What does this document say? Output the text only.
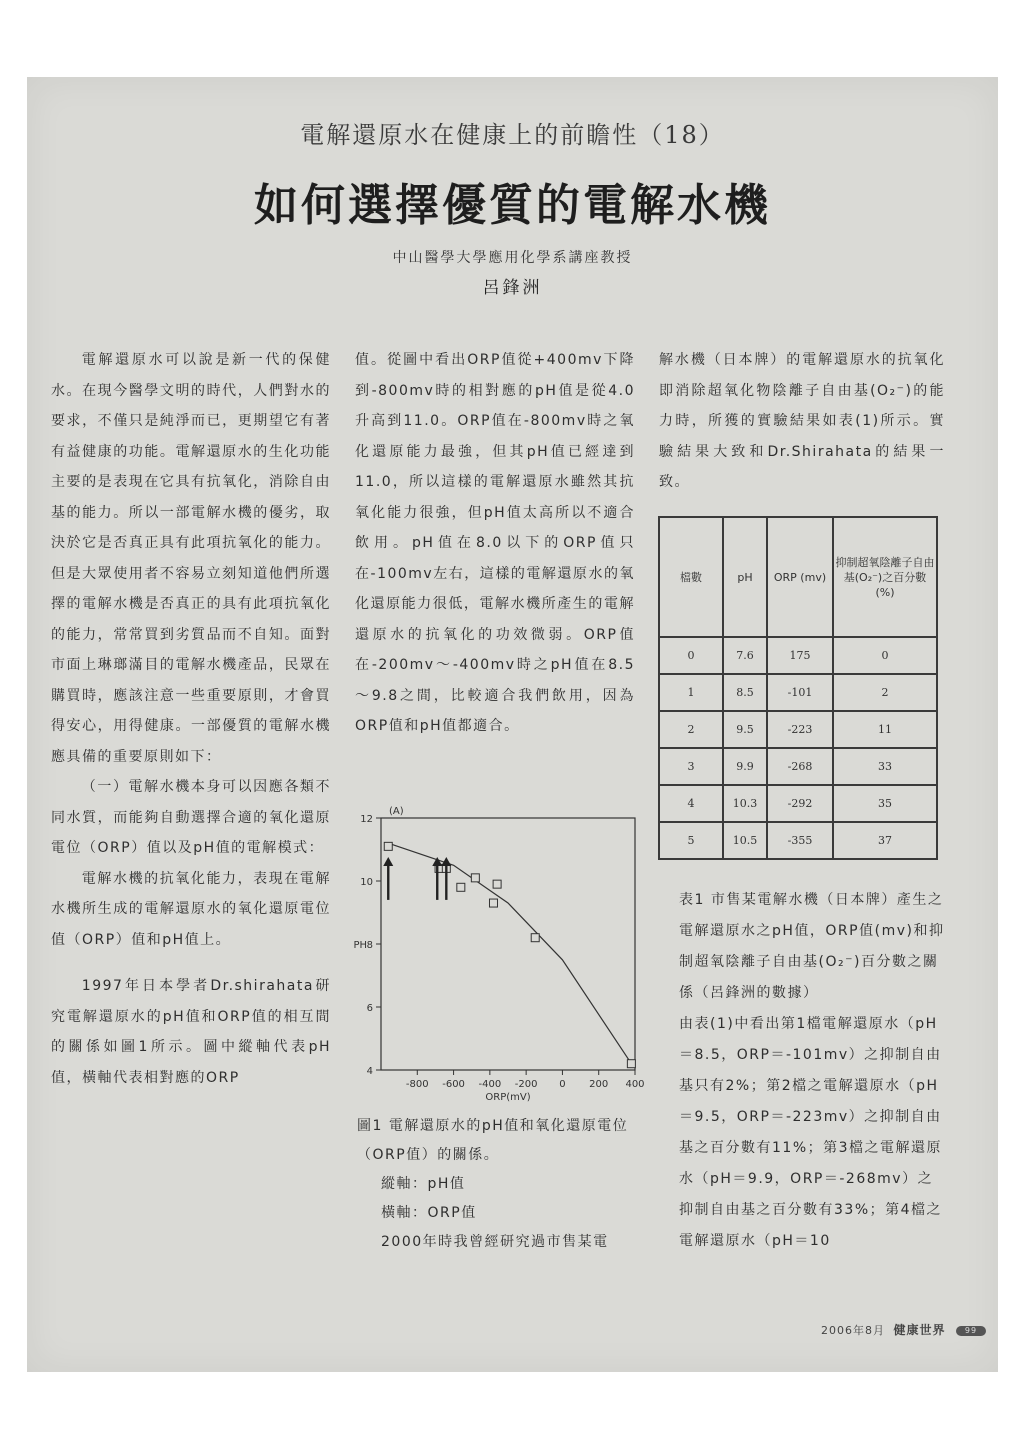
電解還原水在健康上的前瞻性（18）
如何選擇優質的電解水機
中山醫學大學應用化學系講座教授
呂鋒洲

電解還原水可以說是新一代的保健水。在現今醫學文明的時代，人們對水的要求，不僅只是純淨而已，更期望它有著有益健康的功能。電解還原水的生化功能主要的是表現在它具有抗氧化，消除自由基的能力。所以一部電解水機的優劣，取決於它是否真正具有此項抗氧化的能力。但是大眾使用者不容易立刻知道他們所選擇的電解水機是否真正的具有此項抗氧化的能力，常常買到劣質品而不自知。面對市面上琳瑯滿目的電解水機產品，民眾在購買時，應該注意一些重要原則，才會買得安心，用得健康。一部優質的電解水機應具備的重要原則如下：

（一）電解水機本身可以因應各類不同水質，而能夠自動選擇合適的氧化還原電位（ORP）值以及pH值的電解模式：

電解水機的抗氧化能力，表現在電解水機所生成的電解還原水的氧化還原電位值（ORP）值和pH值上。

1997年日本學者Dr.shirahata研究電解還原水的pH值和ORP值的相互間的關係如圖1所示。圖中縱軸代表pH值，橫軸代表相對應的ORP

值。從圖中看出ORP值從+400mv下降到-800mv時的相對應的pH值是從4.0升高到11.0。ORP值在-800mv時之氧化還原能力最強，但其pH值已經達到11.0，所以這樣的電解還原水雖然其抗氧化能力很強，但pH值太高所以不適合飲用。pH值在8.0以下的ORP值只在-100mv左右，這樣的電解還原水的氧化還原能力很低，電解水機所產生的電解還原水的抗氧化的功效微弱。ORP值在-200mv～-400mv時之pH值在8.5～9.8之間，比較適合我們飲用，因為ORP值和pH值都適合。

4
6
8
10
12
-800 -600 -400 -200 0 200 400
ORP(mV)
PH
(A)

圖1 電解還原水的pH值和氧化還原電位（ORP值）的關係。

縱軸：pH值

橫軸：ORP值

2000年時我曾經研究過市售某電

解水機（日本牌）的電解還原水的抗氧化即消除超氧化物陰離子自由基(O₂⁻)的能力時，所獲的實驗結果如表(1)所示。實驗結果大致和Dr.Shirahata的結果一致。

檔數	pH	ORP (mv)	抑制超氧陰離子自由基(O₂⁻)之百分數(%)
0	7.6	175	0
1	8.5	-101	2
2	9.5	-223	11
3	9.9	-268	33
4	10.3	-292	35
5	10.5	-355	37

表1 市售某電解水機（日本牌）產生之電解還原水之pH值，ORP值(mv)和抑制超氧陰離子自由基(O₂⁻)百分數之關係（呂鋒洲的數據）

由表(1)中看出第1檔電解還原水（pH＝8.5，ORP＝-101mv）之抑制自由基只有2%；第2檔之電解還原水（pH＝9.5，ORP＝-223mv）之抑制自由基之百分數有11%；第3檔之電解還原水（pH＝9.9，ORP＝-268mv）之抑制自由基之百分數有33%；第4檔之電解還原水（pH＝10

2006年8月 健康世界 99
